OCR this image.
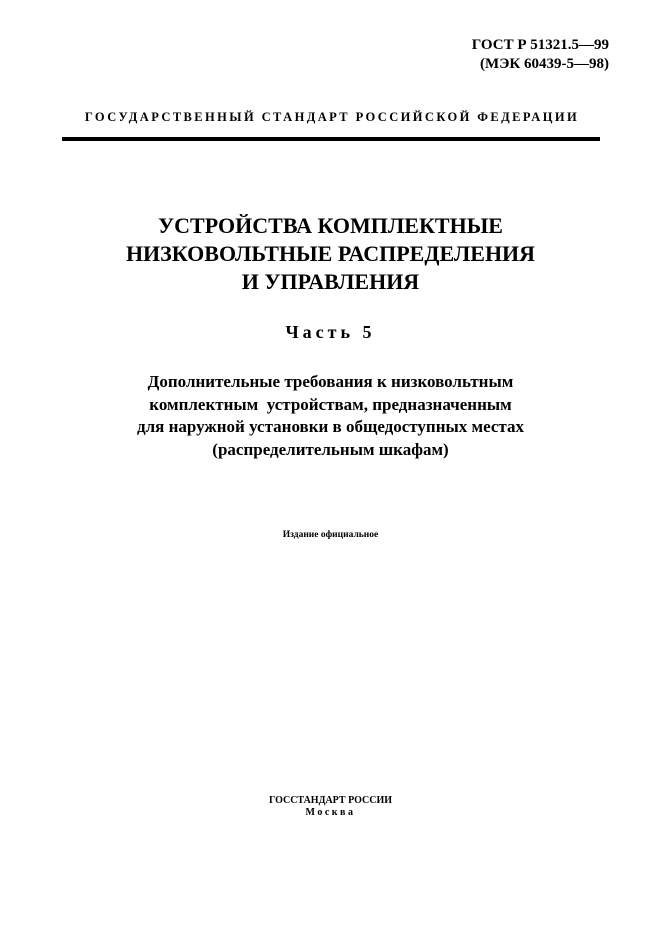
ГОСТ Р 51321.5—99
(МЭК 60439-5—98)
ГОСУДАРСТВЕННЫЙ СТАНДАРТ РОССИЙСКОЙ ФЕДЕРАЦИИ
УСТРОЙСТВА КОМПЛЕКТНЫЕ
НИЗКОВОЛЬТНЫЕ РАСПРЕДЕЛЕНИЯ
И УПРАВЛЕНИЯ
Часть 5
Дополнительные требования к низковольтным
комплектным  устройствам, предназначенным
для наружной установки в общедоступных местах
(распределительным шкафам)
Издание официальное
ГОССТАНДАРТ РОССИИ
Москва
